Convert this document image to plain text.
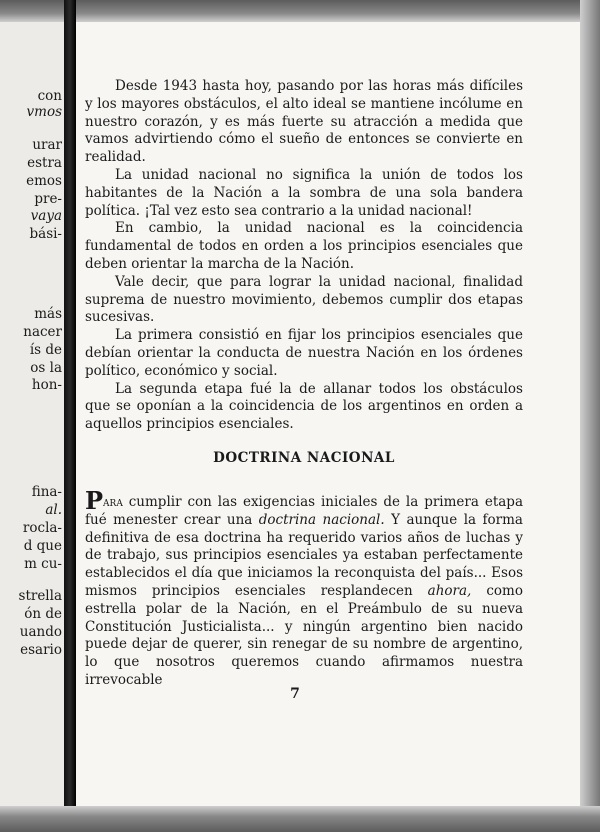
con
vmos
urar
estra
emos
pre-
vaya
bási-
más
nacer
ís de
os la
hon-
fina-
al.
rocla-
d que
m cu-
strella
ón de
uando
esario

Desde 1943 hasta hoy, pasando por las horas más difíciles y los mayores obstáculos, el alto ideal se mantiene incólume en nuestro corazón, y es más fuerte su atracción a medida que vamos advirtiendo cómo el sueño de entonces se convierte en realidad.

La unidad nacional no significa la unión de todos los habitantes de la Nación a la sombra de una sola bandera política. ¡Tal vez esto sea contrario a la unidad nacional!

En cambio, la unidad nacional es la coincidencia fundamental de todos en orden a los principios esenciales que deben orientar la marcha de la Nación.

Vale decir, que para lograr la unidad nacional, finalidad suprema de nuestro movimiento, debemos cumplir dos etapas sucesivas.

La primera consistió en fijar los principios esenciales que debían orientar la conducta de nuestra Nación en los órdenes político, económico y social.

La segunda etapa fué la de allanar todos los obstáculos que se oponían a la coincidencia de los argentinos en orden a aquellos principios esenciales.

DOCTRINA NACIONAL

Para cumplir con las exigencias iniciales de la primera etapa fué menester crear una doctrina nacional. Y aunque la forma definitiva de esa doctrina ha requerido varios años de luchas y de trabajo, sus principios esenciales ya estaban perfectamente establecidos el día que iniciamos la reconquista del país... Esos mismos principios esenciales resplandecen ahora, como estrella polar de la Nación, en el Preámbulo de su nueva Constitución Justicialista... y ningún argentino bien nacido puede dejar de querer, sin renegar de su nombre de argentino, lo que nosotros queremos cuando afirmamos nuestra irrevocable

7
